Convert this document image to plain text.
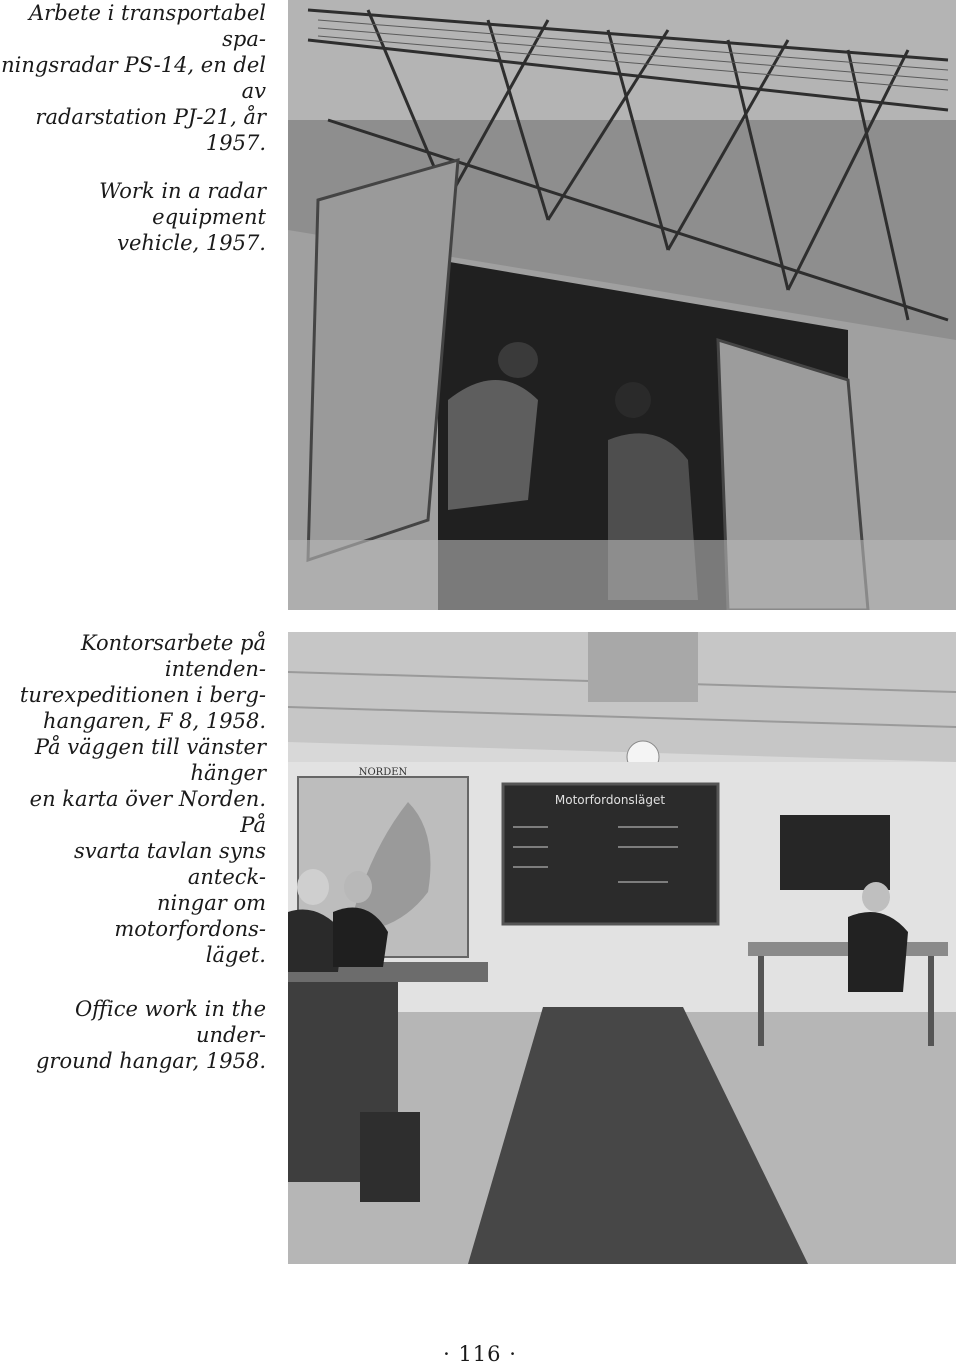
Arbete i transportabel spa-

ningsradar PS-14, en del av

radarstation PJ-21, år 1957.

Work in a radar equipment

vehicle, 1957.

Kontorsarbete på intenden-

turexpeditionen i berg-

hangaren, F 8, 1958.

På väggen till vänster hänger

en karta över Norden. På

svarta tavlan syns anteck-

ningar om motorfordons-

läget.

Office work in the under-

ground hangar, 1958.

NORDEN
Motorfordonsläget
· 116 ·
